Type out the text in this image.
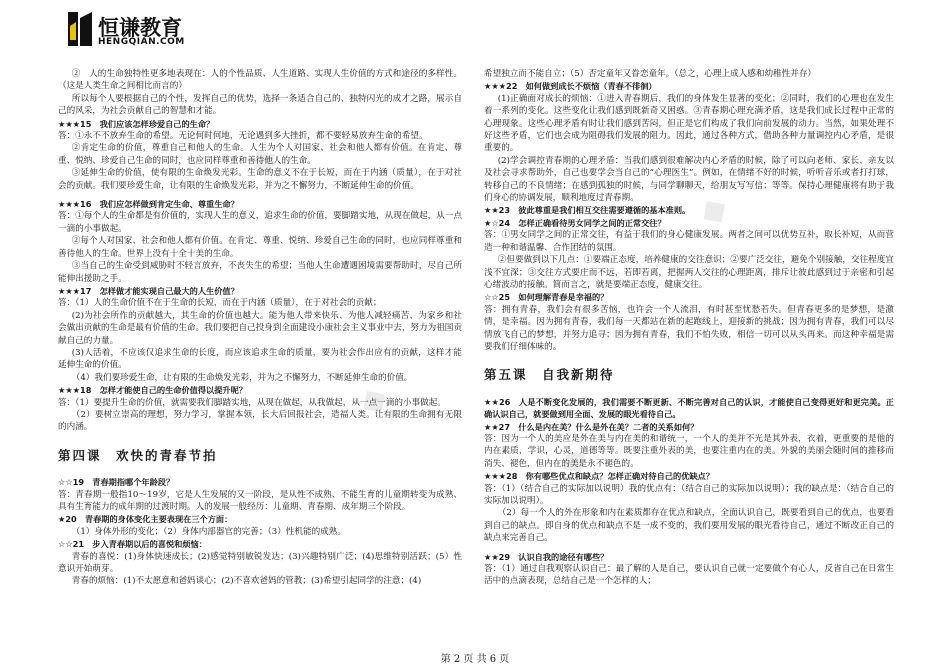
恒谦教育
HENGQIAN.COM
◆
◆
◆
◆

②　人的生命独特性更多地表现在：人的个性品质、人生道路、实现人生价值的方式和途径的多样性。（这是人类生命之间相比而言的）

所以每个人要根据自己的个性，发挥自己的优势，选择一条适合自己的、独特闪光的成才之路，展示自己的风采，为社会贡献自己的智慧和才能。

★★★15　我们应该怎样珍爱自己的生命？

答：①永不不放弃生命的希望。无论何时何地，无论遇到多大挫折，都不要轻易放弃生命的希望。

②肯定生命的价值，尊重自己和他人的生命。人生为个人对国家、社会和他人都有价值。在肯定、尊重、悦纳、珍爱自己生命的同时，也应同样尊重和善待他人的生命。

③延伸生命的价值，使有限的生命焕发光彩。生命的意义不在于长短，而在于内涵（质量），在于对社会的贡献。我们要珍爱生命，让有限的生命焕发光彩，并为之不懈努力，不断延伸生命的价值。

★★★16　我们应怎样做到肯定生命、尊重生命？

答：①每个人的生命都是有价值的，实现人生的意义，追求生命的价值，要脚踏实地，从现在做起，从一点一滴的小事做起。

②每个人对国家、社会和他人都有价值。在肯定、尊重、悦纳、珍爱自己生命的同时，也应同样尊重和善待他人的生命。世界上没有十全十美的生命。

③当自己的生命受到威胁时不轻言放弃，不丧失生的希望；当他人生命遭遇困境需要帮助时，尽自己所能伸出援助之手。

★★★17　怎样做才能实现自己最大的人生价值？

答：（1）人的生命价值不在于生命的长短，而在于内涵（质量），在于对社会的贡献；

(2)为社会所作的贡献越大，其生命的价值也越大。能为他人带来快乐、为他人减轻痛苦、为家乡和社会做出贡献的生命是最有价值的生命。我们要把自己投身到全面建设小康社会主义事业中去，努力为祖国贡献自己的力量。

(3)人活着，不应该仅追求生命的长度，而应该追求生命的质量，要为社会作出应有的贡献，这样才能延伸生命的价值。

（4）我们要珍爱生命，让有限的生命焕发光彩，并为之不懈努力，不断延伸生命的价值。

★★★18　怎样才能使自己的生命价值得以提升呢？

答：（1）要提升生命的价值，就需要我们脚踏实地，从现在做起，从我做起，从一点一滴的小事做起。

（2）要树立崇高的理想，努力学习，掌握本领，长大后回报社会，造福人类。让有限的生命拥有无限的内涵。

第四课　欢快的青春节拍

☆☆19　青春期指哪个年龄段？

答：青春期一般指10～19岁，它是人生发展的又一阶段，是从性不成熟、不能生育的儿童期转变为成熟、具有生育能力的成年期的过渡时期。人的发展一般经历：儿童期、青春期、成年期三个阶段。

★20　青春期的身体变化主要表现在三个方面：

（1）身体外形的变化；（2）身体内部器官的完善；（3）性机能的成熟。

☆☆21　步入青春期以后的喜悦和烦恼：

青春的喜悦：(1)身体快速成长；(2)感觉特别敏锐发达；(3)兴趣特别广泛；(4)思维特别活跃；(5）性意识开始萌芽。

青春的烦恼：(1)不太愿意和爸妈谈心；(2)不喜欢爸妈的管教；(3)希望引起同学的注意；(4)

希望独立而不能自立；（5）否定童年又眷恋童年。（总之，心理上成人感和幼稚性并存）

★★★22　如何做到成长不烦恼（青春不徘徊）

(1)正确面对成长的烦恼：①进入青春期后，我们的身体发生显著的变化；②同时，我们的心理也在发生着一系列的变化。这些变化让我们感到既新奇又困惑。③青春期心理充满矛盾，这是我们成长过程中正常的心理现象。这些心理矛盾有时让我们感到苦闷，但正是它们构成了我们向前发展的动力。当然，如果处理不好这些矛盾，它们也会成为阻碍我们发展的阻力。因此，通过各种方式，借助各种力量调控内心矛盾，是很重要的。

(2)学会调控青春期的心理矛盾：当我们感到很难解决内心矛盾的时候，除了可以向老师、家长、亲友以及社会寻求帮助外，自己也要学会当自己的“心理医生”。例如，在情绪不好的时候，听听音乐或者打打球，转移自己的不良情绪；在感到孤独的时候，与同学聊聊天，给朋友写写信；等等。保持心理健康将有助于我们身心的协调发展，顺利地度过青春期。

★★23　彼此尊重是我们相互交往需要遵循的基本准则。

★☆24　怎样正确看待男女同学之间的正常交往？

答：①男女同学之间的正常交往，有益于我们的身心健康发展。两者之间可以优势互补，取长补短，从而营造一种和谐温馨、合作团结的氛围。

②但要做到以下几点：①要端正态度，培养健康的交往意识；②要广泛交往，避免个别接触，交往程度宜浅不宜深；③交往方式要庄而不远，若即若离，把握两人交往的心理距离，排斥让彼此感到过于亲密和引起心绪波动的接触。简而言之，就是要端正态度，健康交往。

☆☆25　如何理解青春是幸福的？

答：拥有青春，我们会有很多苦恼，也许会一个人流泪，有时甚至忧愁若失。但青春更多的是梦想，是激情，是幸福。因为拥有青春，我们每一天都站在新的起跑线上，迎接新的挑战；因为拥有青春，我们可以尽情放飞自己的梦想，并努力追寻；因为拥有青春，我们不怕失败，相信一切可以从头再来。而这种幸福是需要我们仔细体味的。

第五课　自我新期待

★★26　人是不断变化发展的，我们需要不断更新、不断完善对自己的认识，才能使自己变得更好和更完美。正确认识自己，就要做到用全面、发展的眼光看待自己。

★★27　什么是内在美？什么是外在美？二者的关系如何？

答：因为一个人的美应是外在美与内在美的和谐统一，一个人的美并不光是其外表，衣着，更重要的是他的内在素质，学识，心灵，道德等等。既要注重外表的美，也要注重内在的美。外貌的美丽会随时间的推移而消失、褪色，但内在的美是永不褪色的。

★★★28　你有哪些优点和缺点？怎样正确对待自己的优缺点？

答：（1）（结合自己的实际加以说明）我的优点有：（结合自己的实际加以说明）；我的缺点是：（结合自己的实际加以说明）。

（2）每一个人的外在形象和内在素质都存在优点和缺点，全面认识自己，既要看到自己的优点，也要看到自己的缺点。即自身的优点和缺点不是一成不变的，我们要用发展的眼光看待自己，通过不断改正自己的缺点来完善自己。

★★29　认识自我的途径有哪些？

答：（1）通过自我观察认识自己：最了解的人是自己，要认识自己就一定要做个有心人，反省自己在日常生活中的点滴表现，总结自己是一个怎样的人；

第 2 页 共 6 页
